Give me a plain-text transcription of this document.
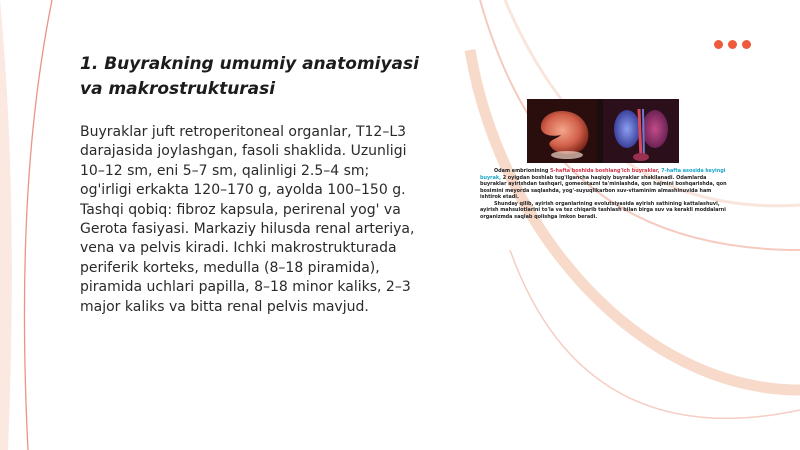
1. Buyrakning umumiy anatomiyasi va makrostrukturasi
Buyraklar juft retroperitoneal organlar, T12–L3 darajasida joylashgan, fasoli shaklida. Uzunligi 10–12 sm, eni 5–7 sm, qalinligi 2.5–4 sm; og'irligi erkakta 120–170 g, ayolda 100–150 g. Tashqi qobiq: fibroz kapsula, perirenal yog' va Gerota fasiyasi. Markaziy hilusda renal arteriya, vena va pelvis kiradi. Ichki makrostrukturada periferik korteks, medulla (8–18 piramida), piramida uchlari papilla, 8–18 minor kaliks, 2–3 major kaliks va bitta renal pelvis mavjud.

Odam embrionining 5-hafta boshida boshlang'ich buyraklar, 7-hafta asosida keyingi buyrak, 2 oyigdan boshlab tug'ilgancha haqiqiy buyraklar shakllanadi. Odamlarda buyraklar ayirishdan tashqari, gomeostazni ta'minlashda, qon hajmini boshqarishda, qon bosimini meyorda saqlashda, yog'-suyuqlikarbon suv-vitaminim almashinuvida ham ishtirok etadi.

Shunday qilib, ayirish organlarining evolutsiyasida ayirish sathining kattalashuvi, ayirish mahsulotlarini to'la va tez chiqarib tashlash bilan birga suv va kerakli moddalarni organizmda saqlab qolishga imkon beradi.
